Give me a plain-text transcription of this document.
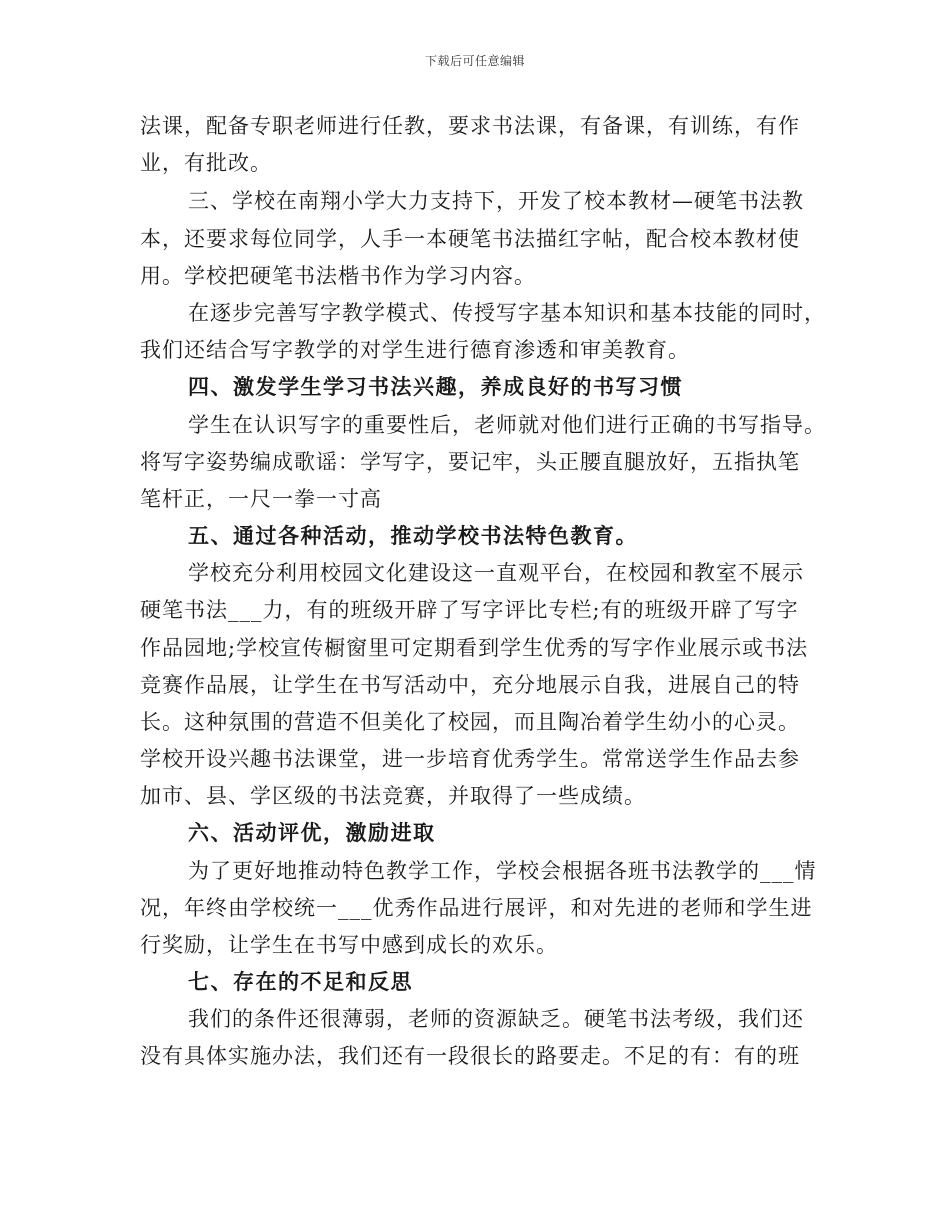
下载后可任意编辑
法课，配备专职老师进行任教，要求书法课，有备课，有训练，有作
业，有批改。
三、学校在南翔小学大力支持下，开发了校本教材—硬笔书法教
本，还要求每位同学，人手一本硬笔书法描红字帖，配合校本教材使
用。学校把硬笔书法楷书作为学习内容。
在逐步完善写字教学模式、传授写字基本知识和基本技能的同时，
我们还结合写字教学的对学生进行德育渗透和审美教育。
四、激发学生学习书法兴趣，养成良好的书写习惯
学生在认识写字的重要性后，老师就对他们进行正确的书写指导。
将写字姿势编成歌谣：学写字，要记牢，头正腰直腿放好，五指执笔
笔杆正，一尺一拳一寸高
五、通过各种活动，推动学校书法特色教育。
学校充分利用校园文化建设这一直观平台，在校园和教室不展示
硬笔书法___力，有的班级开辟了写字评比专栏;有的班级开辟了写字
作品园地;学校宣传橱窗里可定期看到学生优秀的写字作业展示或书法
竞赛作品展，让学生在书写活动中，充分地展示自我，进展自己的特
长。这种氛围的营造不但美化了校园，而且陶冶着学生幼小的心灵。
学校开设兴趣书法课堂，进一步培育优秀学生。常常送学生作品去参
加市、县、学区级的书法竞赛，并取得了一些成绩。
六、活动评优，激励进取
为了更好地推动特色教学工作，学校会根据各班书法教学的___情
况，年终由学校统一___优秀作品进行展评，和对先进的老师和学生进
行奖励，让学生在书写中感到成长的欢乐。
七、存在的不足和反思
我们的条件还很薄弱，老师的资源缺乏。硬笔书法考级，我们还
没有具体实施办法，我们还有一段很长的路要走。不足的有：有的班
